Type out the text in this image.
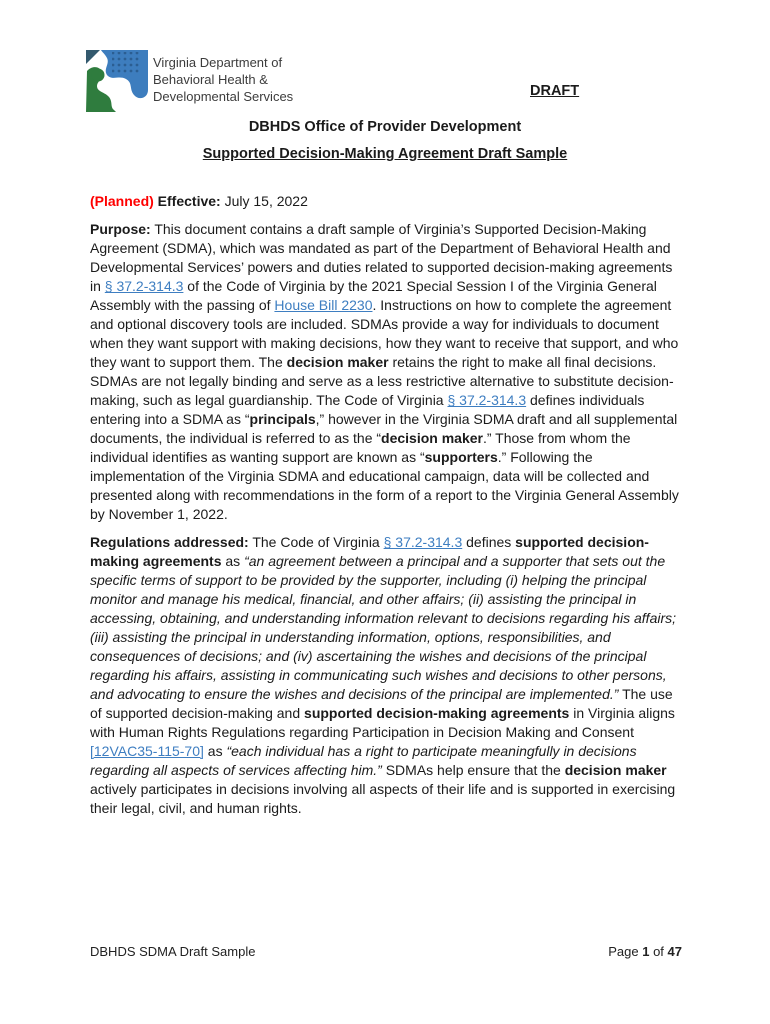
Virginia Department of
Behavioral Health &
Developmental Services	DRAFT
DBHDS Office of Provider Development
Supported Decision-Making Agreement Draft Sample
(Planned) Effective: July 15, 2022
Purpose: This document contains a draft sample of Virginia’s Supported Decision-Making
Agreement (SDMA), which was mandated as part of the Department of Behavioral Health and
Developmental Services’ powers and duties related to supported decision-making agreements
in § 37.2-314.3 of the Code of Virginia by the 2021 Special Session I of the Virginia General
Assembly with the passing of House Bill 2230. Instructions on how to complete the agreement
and optional discovery tools are included. SDMAs provide a way for individuals to document
when they want support with making decisions, how they want to receive that support, and who
they want to support them. The decision maker retains the right to make all final decisions.
SDMAs are not legally binding and serve as a less restrictive alternative to substitute decision-
making, such as legal guardianship. The Code of Virginia § 37.2-314.3 defines individuals
entering into a SDMA as “principals,” however in the Virginia SDMA draft and all supplemental
documents, the individual is referred to as the “decision maker.” Those from whom the
individual identifies as wanting support are known as “supporters.” Following the
implementation of the Virginia SDMA and educational campaign, data will be collected and
presented along with recommendations in the form of a report to the Virginia General Assembly
by November 1, 2022.
Regulations addressed: The Code of Virginia § 37.2-314.3 defines supported decision-
making agreements as “an agreement between a principal and a supporter that sets out the
specific terms of support to be provided by the supporter, including (i) helping the principal
monitor and manage his medical, financial, and other affairs; (ii) assisting the principal in
accessing, obtaining, and understanding information relevant to decisions regarding his affairs;
(iii) assisting the principal in understanding information, options, responsibilities, and
consequences of decisions; and (iv) ascertaining the wishes and decisions of the principal
regarding his affairs, assisting in communicating such wishes and decisions to other persons,
and advocating to ensure the wishes and decisions of the principal are implemented.” The use
of supported decision-making and supported decision-making agreements in Virginia aligns
with Human Rights Regulations regarding Participation in Decision Making and Consent
[12VAC35-115-70] as “each individual has a right to participate meaningfully in decisions
regarding all aspects of services affecting him.” SDMAs help ensure that the decision maker
actively participates in decisions involving all aspects of their life and is supported in exercising
their legal, civil, and human rights.
DBHDS SDMA Draft Sample	Page 1 of 47
